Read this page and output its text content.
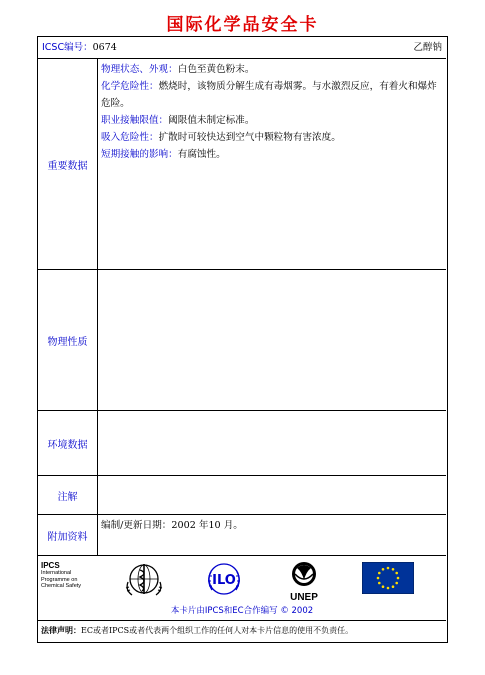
国际化学品安全卡
ICSC编号：0674	乙醇钠
重要数据
物理状态、外观：白色至黄色粉末。
化学危险性：燃烧时，该物质分解生成有毒烟雾。与水激烈反应，有着火和爆炸危险。
职业接触限值：阈限值未制定标准。
吸入危险性：扩散时可较快达到空气中颗粒物有害浓度。
短期接触的影响：有腐蚀性。
物理性质
环境数据
注解
附加资料
编制/更新日期：2002 年10 月。
IPCS
International
Programme on
Chemical Safety	ILO
UNEP
本卡片由IPCS和EC合作编写 © 2002
法律声明：EC或者IPCS或者代表两个组织工作的任何人对本卡片信息的使用不负责任。
